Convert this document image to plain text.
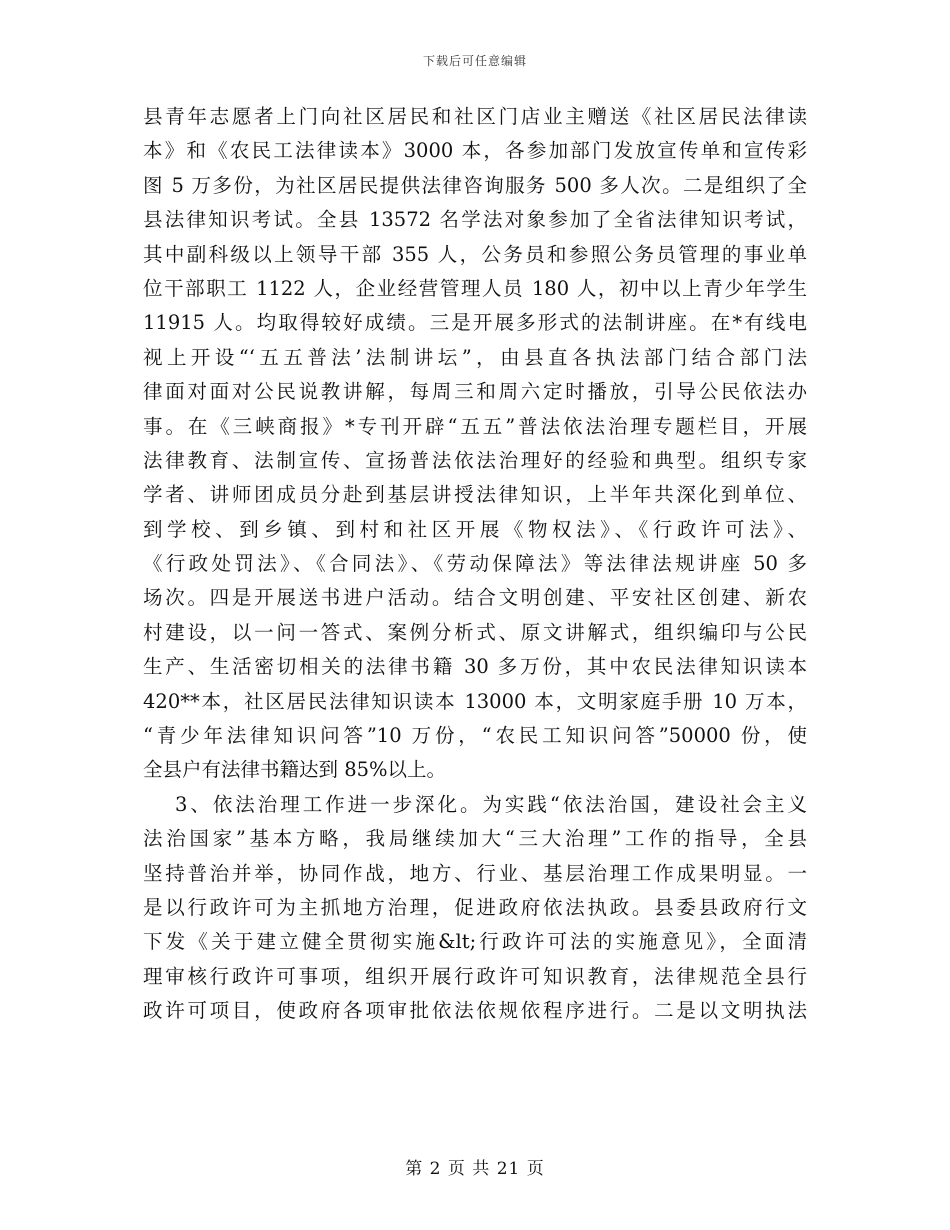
下载后可任意编辑
县青年志愿者上门向社区居民和社区门店业主赠送《社区居民法律读
本》和《农民工法律读本》3000 本，各参加部门发放宣传单和宣传彩
图 5 万多份，为社区居民提供法律咨询服务 500 多人次。二是组织了全
县法律知识考试。全县 13572 名学法对象参加了全省法律知识考试，
其中副科级以上领导干部 355 人，公务员和参照公务员管理的事业单
位干部职工 1122 人，企业经营管理人员 180 人，初中以上青少年学生
11915 人。均取得较好成绩。三是开展多形式的法制讲座。在*有线电
视上开设“‘五五普法’法制讲坛”，由县直各执法部门结合部门法
律面对面对公民说教讲解，每周三和周六定时播放，引导公民依法办
事。在《三峡商报》*专刊开辟“五五”普法依法治理专题栏目，开展
法律教育、法制宣传、宣扬普法依法治理好的经验和典型。组织专家
学者、讲师团成员分赴到基层讲授法律知识，上半年共深化到单位、
到学校、到乡镇、到村和社区开展《物权法》、《行政许可法》、
《行政处罚法》、《合同法》、《劳动保障法》等法律法规讲座 50 多
场次。四是开展送书进户活动。结合文明创建、平安社区创建、新农
村建设，以一问一答式、案例分析式、原文讲解式，组织编印与公民
生产、生活密切相关的法律书籍 30 多万份，其中农民法律知识读本
420**本，社区居民法律知识读本 13000 本，文明家庭手册 10 万本，
“青少年法律知识问答”10 万份，“农民工知识问答”50000 份，使
全县户有法律书籍达到 85%以上。
3、依法治理工作进一步深化。为实践“依法治国，建设社会主义
法治国家”基本方略，我局继续加大“三大治理”工作的指导，全县
坚持普治并举，协同作战，地方、行业、基层治理工作成果明显。一
是以行政许可为主抓地方治理，促进政府依法执政。县委县政府行文
下发《关于建立健全贯彻实施&lt;行政许可法的实施意见》，全面清
理审核行政许可事项，组织开展行政许可知识教育，法律规范全县行
政许可项目，使政府各项审批依法依规依程序进行。二是以文明执法
第 2 页 共 21 页
